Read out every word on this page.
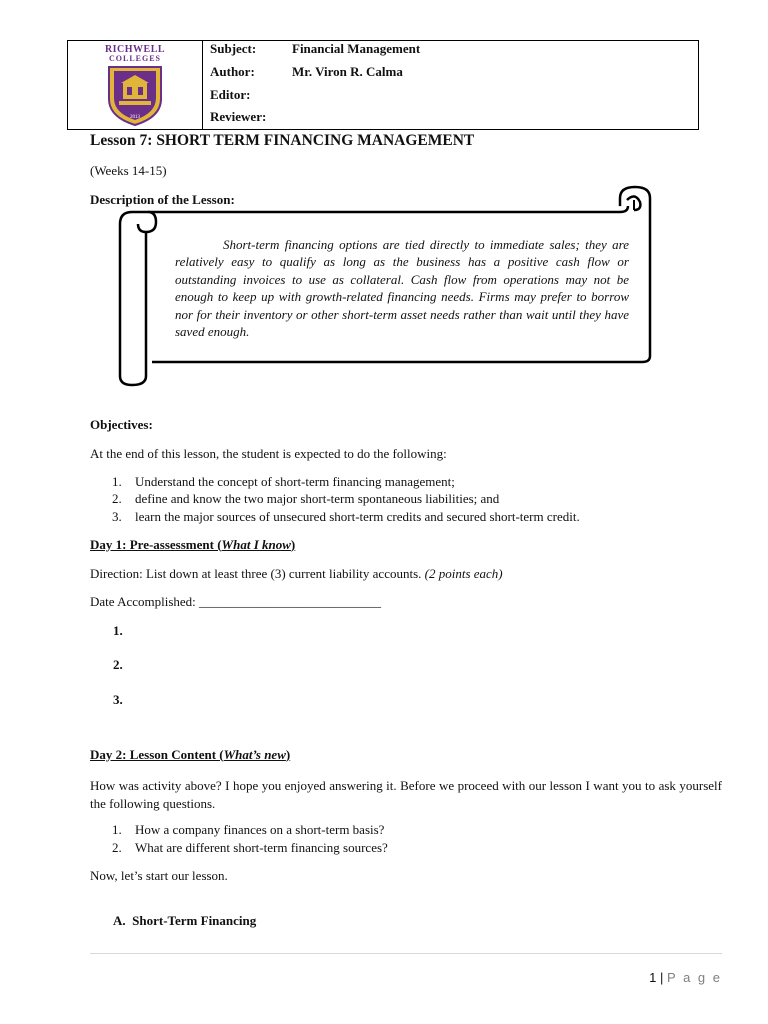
RICHWELL
COLLEGES
2013
Subject:	Financial Management
Author:	Mr. Viron R. Calma
Editor:
Reviewer:
Lesson 7: SHORT TERM FINANCING MANAGEMENT
(Weeks 14-15)
Description of the Lesson:
Short-term financing options are tied directly to immediate sales; they are relatively easy to qualify as long as the business has a positive cash flow or outstanding invoices to use as collateral. Cash flow from operations may not be enough to keep up with growth-related financing needs. Firms may prefer to borrow nor for their inventory or other short-term asset needs rather than wait until they have saved enough.
Objectives:
At the end of this lesson, the student is expected to do the following:
1. Understand the concept of short-term financing management;
2. define and know the two major short-term spontaneous liabilities; and
3. learn the major sources of unsecured short-term credits and secured short-term credit.
Day 1: Pre-assessment (What I know)
Direction: List down at least three (3) current liability accounts. (2 points each)
Date Accomplished: ____________________________
1.
2.
3.
Day 2: Lesson Content (What’s new)
How was activity above? I hope you enjoyed answering it. Before we proceed with our lesson I want you to ask yourself the following questions.
1. How a company finances on a short-term basis?
2. What are different short-term financing sources?
Now, let’s start our lesson.
A.  Short-Term Financing
1 | P a g e
